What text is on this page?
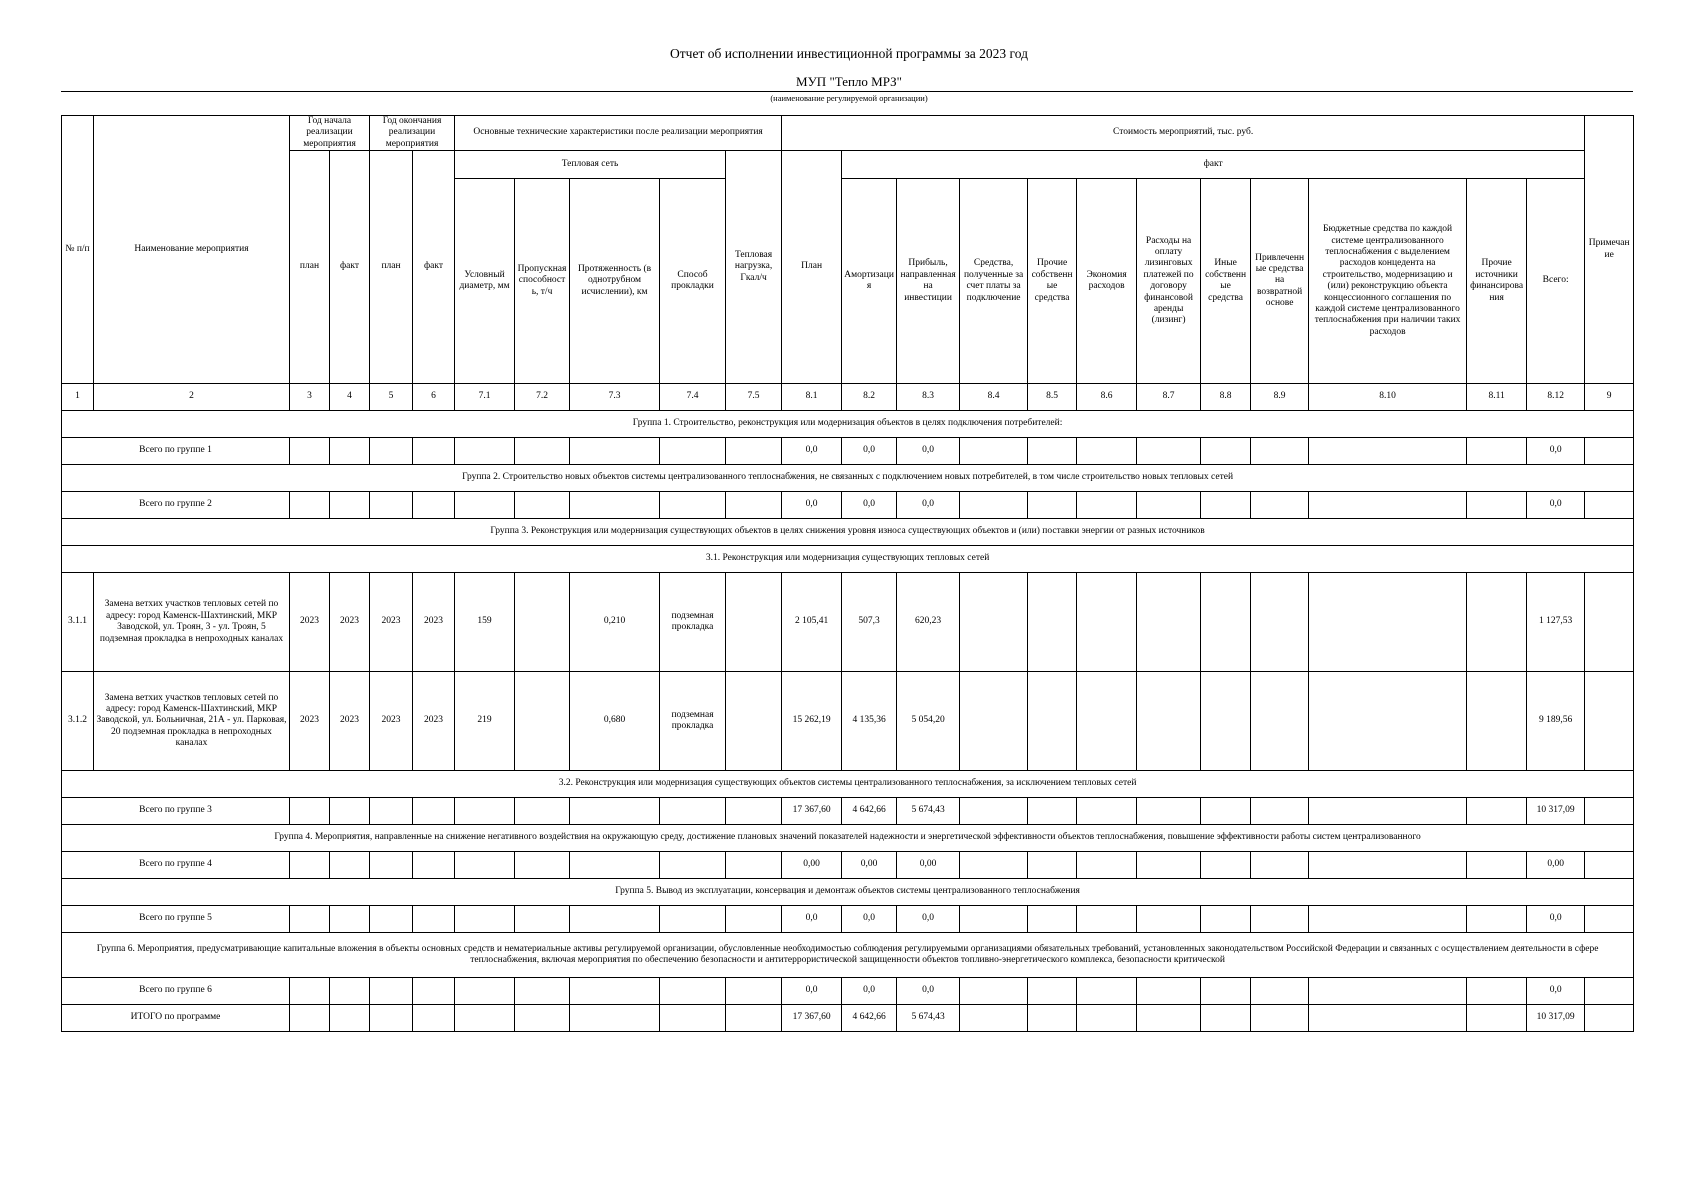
Отчет об исполнении инвестиционной программы за 2023 год
МУП "Тепло МРЗ"
(наименование регулируемой организации)
№ п/п	Наименование мероприятия	Год начала реализации мероприятия		Год окончания реализации мероприятия		Основные технические характеристики после реализации мероприятия					Стоимость мероприятий, тыс. руб.												Примечание
		план	факт	план	факт	Тепловая сеть				Тепловая нагрузка, Гкал/ч	План	факт											
						Условный диаметр, мм	Пропускная способность, т/ч	Протяженность (в однотрубном исчислении), км	Способ прокладки			Амортизация	Прибыль, направленная на инвестиции	Средства, полученные за счет платы за подключение	Прочие собственные средства	Экономия расходов	Расходы на оплату лизинговых платежей по договору финансовой аренды (лизинг)	Иные собственные средства	Привлеченные средства на возвратной основе	Бюджетные средства по каждой системе централизованного теплоснабжения с выделением расходов концедента на строительство, модернизацию и (или) реконструкцию объекта концессионного соглашения по каждой системе централизованного теплоснабжения при наличии таких расходов	Прочие источники финансирования	Всего:	
1	2	3	4	5	6	7.1	7.2	7.3	7.4	7.5	8.1	8.2	8.3	8.4	8.5	8.6	8.7	8.8	8.9	8.10	8.11	8.12	9
Группа 1. Строительство, реконструкция или модернизация объектов в целях подключения потребителей:																							
Всего по группе 1											0,0	0,0	0,0									0,0	
Группа 2. Строительство новых объектов системы централизованного теплоснабжения, не связанных с подключением новых потребителей, в том числе строительство новых тепловых сетей																							
Всего по группе 2											0,0	0,0	0,0									0,0	
Группа 3. Реконструкция или модернизация существующих объектов в целях снижения уровня износа существующих объектов и (или) поставки энергии от разных источников																							
3.1. Реконструкция или модернизация существующих тепловых сетей																							
3.1.1	Замена ветхих участков тепловых сетей по адресу: город Каменск-Шахтинский, МКР Заводской, ул. Троян, 3 - ул. Троян, 5 подземная прокладка в непроходных каналах	2023	2023	2023	2023	159		0,210	подземная прокладка		2 105,41	507,3	620,23									1 127,53	
3.1.2	Замена ветхих участков тепловых сетей по адресу: город Каменск-Шахтинский, МКР Заводской, ул. Больничная, 21А - ул. Парковая, 20 подземная прокладка в непроходных каналах	2023	2023	2023	2023	219		0,680	подземная прокладка		15 262,19	4 135,36	5 054,20									9 189,56	
3.2. Реконструкция или модернизация существующих объектов системы централизованного теплоснабжения, за исключением тепловых сетей																							
Всего по группе 3											17 367,60	4 642,66	5 674,43									10 317,09	
Группа 4. Мероприятия, направленные на снижение негативного воздействия на окружающую среду, достижение плановых значений показателей надежности и энергетической эффективности объектов теплоснабжения, повышение эффективности работы систем централизованного																							
Всего по группе 4											0,00	0,00	0,00									0,00	
Группа 5. Вывод из эксплуатации, консервация и демонтаж объектов системы централизованного теплоснабжения																							
Всего по группе 5											0,0	0,0	0,0									0,0	
Группа 6. Мероприятия, предусматривающие капитальные вложения в объекты основных средств и нематериальные активы регулируемой организации, обусловленные необходимостью соблюдения регулируемыми организациями обязательных требований, установленных законодательством Российской Федерации и связанных с осуществлением деятельности в сфере теплоснабжения, включая мероприятия по обеспечению безопасности и антитеррористической защищенности объектов топливно-энергетического комплекса, безопасности критической																							
Всего по группе 6											0,0	0,0	0,0									0,0	
ИТОГО по программе											17 367,60	4 642,66	5 674,43									10 317,09	
